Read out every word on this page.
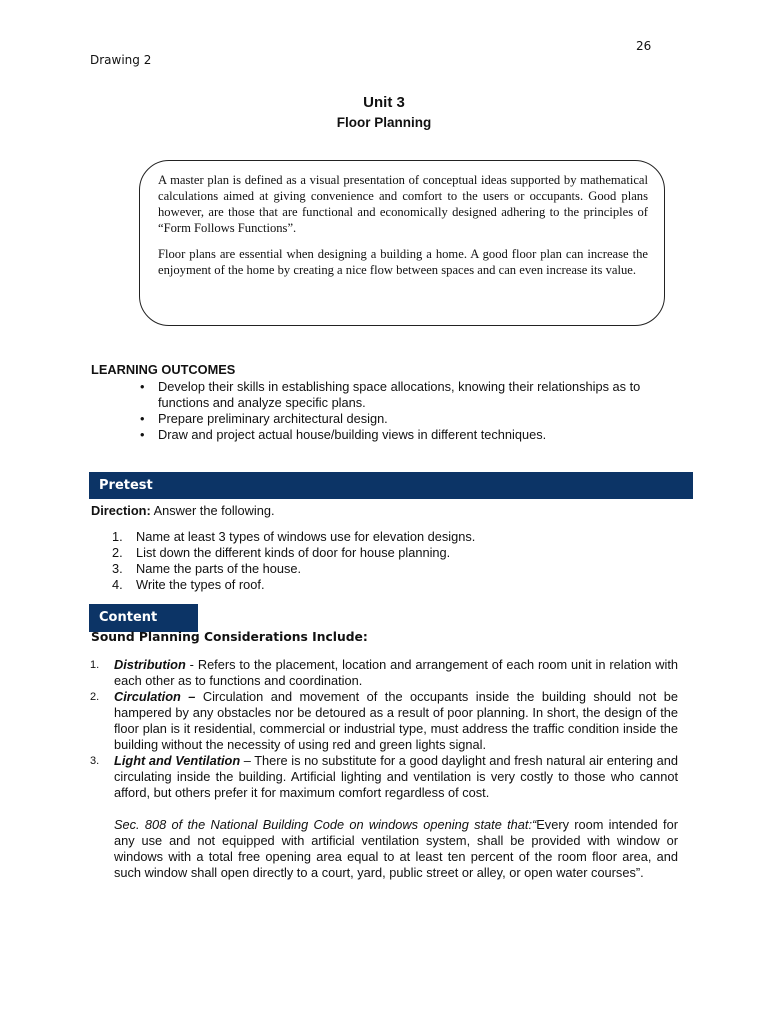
26
Drawing 2
Unit 3
Floor Planning

A master plan is defined as a visual presentation of conceptual ideas supported by mathematical calculations aimed at giving convenience and comfort to the users or occupants. Good plans however, are those that are functional and economically designed adhering to the principles of “Form Follows Functions”.

Floor plans are essential when designing a building a home. A good floor plan can increase the enjoyment of the home by creating a nice flow between spaces and can even increase its value.

LEARNING OUTCOMES
• Develop their skills in establishing space allocations, knowing their relationships as to functions and analyze specific plans.
• Prepare preliminary architectural design.
• Draw and project actual house/building views in different techniques.
Pretest
Direction: Answer the following.
1.	Name at least 3 types of windows use for elevation designs.
2.	List down the different kinds of door for house planning.
3.	Name the parts of the house.
4.	Write the types of roof.
Content
Sound Planning Considerations Include:
1.	Distribution - Refers to the placement, location and arrangement of each room unit in relation with each other as to functions and coordination.
2.	Circulation – Circulation and movement of the occupants inside the building should not be hampered by any obstacles nor be detoured as a result of poor planning. In short, the design of the floor plan is it residential, commercial or industrial type, must address the traffic condition inside the building without the necessity of using red and green lights signal.
3.	Light and Ventilation – There is no substitute for a good daylight and fresh natural air entering and circulating inside the building. Artificial lighting and ventilation is very costly to those who cannot afford, but others prefer it for maximum comfort regardless of cost.
Sec. 808 of the National Building Code on windows opening state that:“Every room intended for any use and not equipped with artificial ventilation system, shall be provided with window or windows with a total free opening area equal to at least ten percent of the room floor area, and such window shall open directly to a court, yard, public street or alley, or open water courses”.
